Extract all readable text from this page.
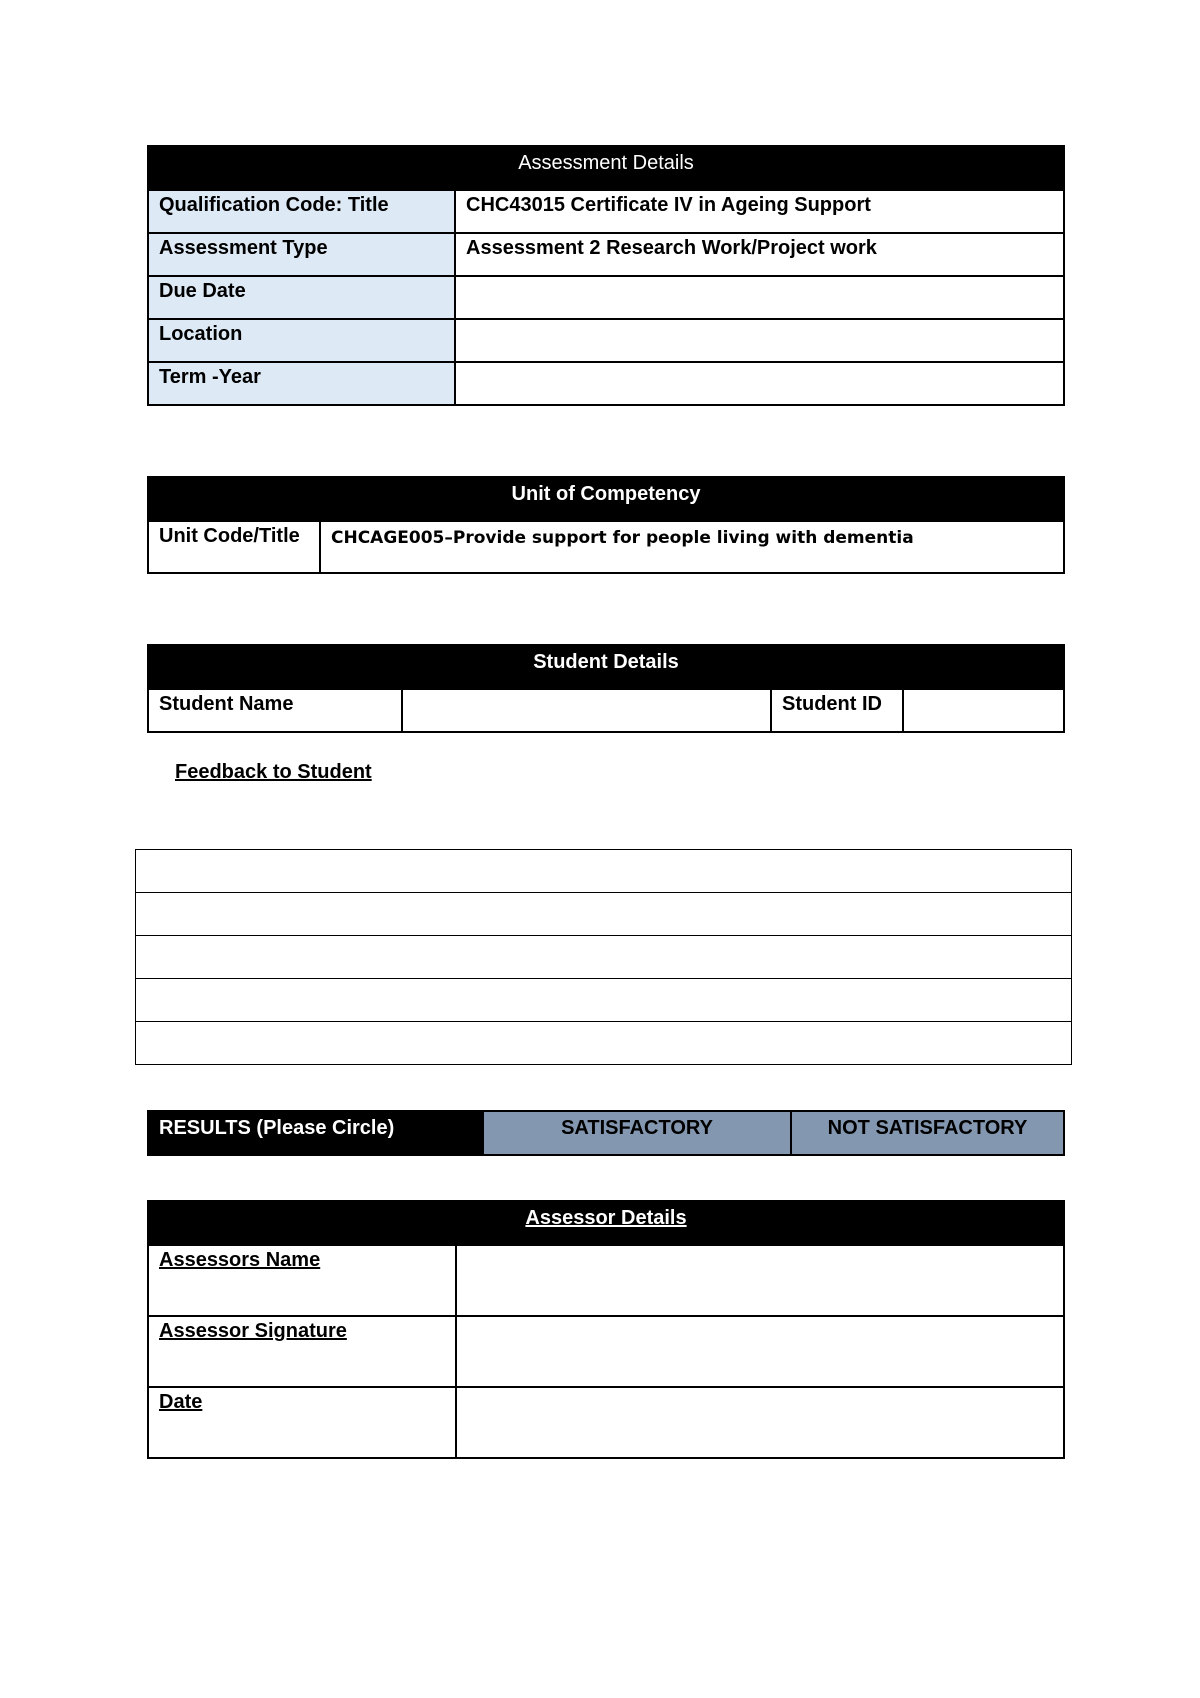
Assessment Details	
Qualification Code: Title	CHC43015 Certificate IV in Ageing Support
Assessment Type	Assessment 2 Research Work/Project work
Due Date	
Location	
Term -Year	
Unit of Competency
Unit Code/Title	CHCAGE005–Provide support for people living with dementia
Student Details
Student Name		Student ID	
Feedback to Student

RESULTS (Please Circle)	SATISFACTORY	NOT SATISFACTORY
Assessor Details	
Assessors Name	
Assessor Signature	
Date	
